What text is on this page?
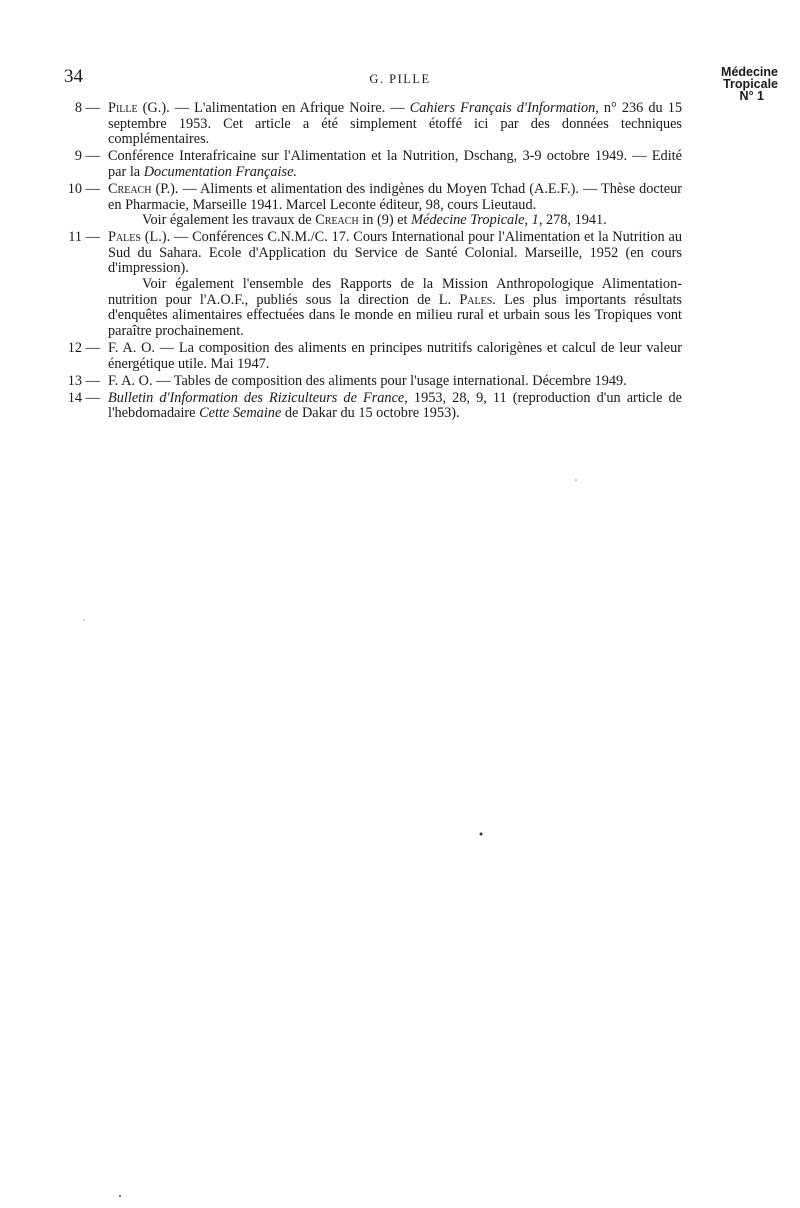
34	G. PILLE	Médecine
Tropicale
N° 1
8 — Pille (G.). — L'alimentation en Afrique Noire. — Cahiers Français d'Information, n° 236 du 15 septembre 1953. Cet article a été simplement étoffé ici par des données techniques complémentaires.
9 — Conférence Interafricaine sur l'Alimentation et la Nutrition, Dschang, 3-9 octobre 1949. — Edité par la Documentation Française.
10 — Creach (P.). — Aliments et alimentation des indigènes du Moyen Tchad (A.E.F.). — Thèse docteur en Pharmacie, Marseille 1941. Marcel Leconte éditeur, 98, cours Lieutaud.
Voir également les travaux de Creach in (9) et Médecine Tropicale, 1, 278, 1941.
11 — Pales (L.). — Conférences C.N.M./C. 17. Cours International pour l'Alimentation et la Nutrition au Sud du Sahara. Ecole d'Application du Service de Santé Colonial. Marseille, 1952 (en cours d'impression).
Voir également l'ensemble des Rapports de la Mission Anthropologique Alimentation-nutrition pour l'A.O.F., publiés sous la direction de L. Pales. Les plus importants résultats d'enquêtes alimentaires effectuées dans le monde en milieu rural et urbain sous les Tropiques vont paraître prochainement.
12 — F. A. O. — La composition des aliments en principes nutritifs calorigènes et calcul de leur valeur énergétique utile. Mai 1947.
13 — F. A. O. — Tables de composition des aliments pour l'usage international. Décembre 1949.
14 — Bulletin d'Information des Riziculteurs de France, 1953, 28, 9, 11 (reproduction d'un article de l'hebdomadaire Cette Semaine de Dakar du 15 octobre 1953).
